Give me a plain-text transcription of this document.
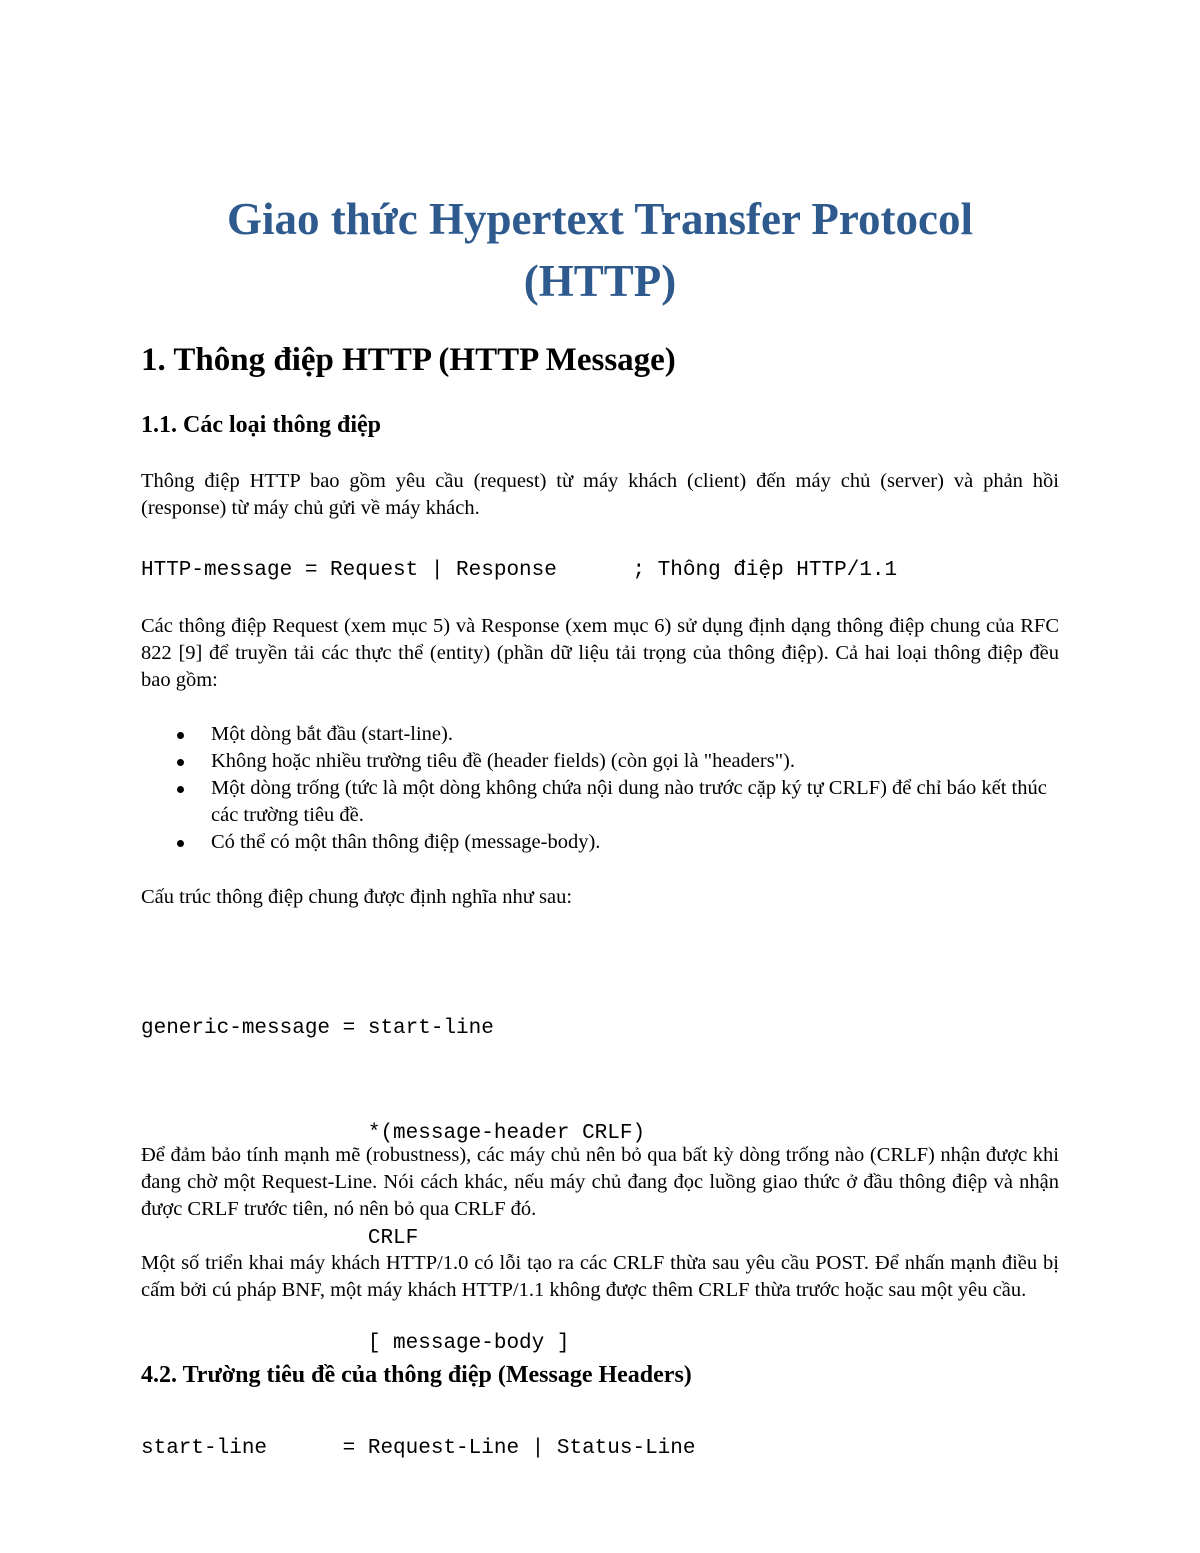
Giao thức Hypertext Transfer Protocol
(HTTP)
1. Thông điệp HTTP (HTTP Message)
1.1. Các loại thông điệp

Thông điệp HTTP bao gồm yêu cầu (request) từ máy khách (client) đến máy chủ (server) và phản hồi (response) từ máy chủ gửi về máy khách.

HTTP-message = Request | Response      ; Thông điệp HTTP/1.1

Các thông điệp Request (xem mục 5) và Response (xem mục 6) sử dụng định dạng thông điệp chung của RFC 822 [9] để truyền tải các thực thể (entity) (phần dữ liệu tải trọng của thông điệp). Cả hai loại thông điệp đều bao gồm:

Một dòng bắt đầu (start-line).
Không hoặc nhiều trường tiêu đề (header fields) (còn gọi là "headers").
Một dòng trống (tức là một dòng không chứa nội dung nào trước cặp ký tự CRLF) để chỉ báo kết thúc các trường tiêu đề.
Có thể có một thân thông điệp (message-body).

Cấu trúc thông điệp chung được định nghĩa như sau:

generic-message = start-line

*(message-header CRLF)

CRLF

[ message-body ]

start-line      = Request-Line | Status-Line

Để đảm bảo tính mạnh mẽ (robustness), các máy chủ nên bỏ qua bất kỳ dòng trống nào (CRLF) nhận được khi đang chờ một Request-Line. Nói cách khác, nếu máy chủ đang đọc luồng giao thức ở đầu thông điệp và nhận được CRLF trước tiên, nó nên bỏ qua CRLF đó.

Một số triển khai máy khách HTTP/1.0 có lỗi tạo ra các CRLF thừa sau yêu cầu POST. Để nhấn mạnh điều bị cấm bởi cú pháp BNF, một máy khách HTTP/1.1 không được thêm CRLF thừa trước hoặc sau một yêu cầu.

4.2. Trường tiêu đề của thông điệp (Message Headers)
